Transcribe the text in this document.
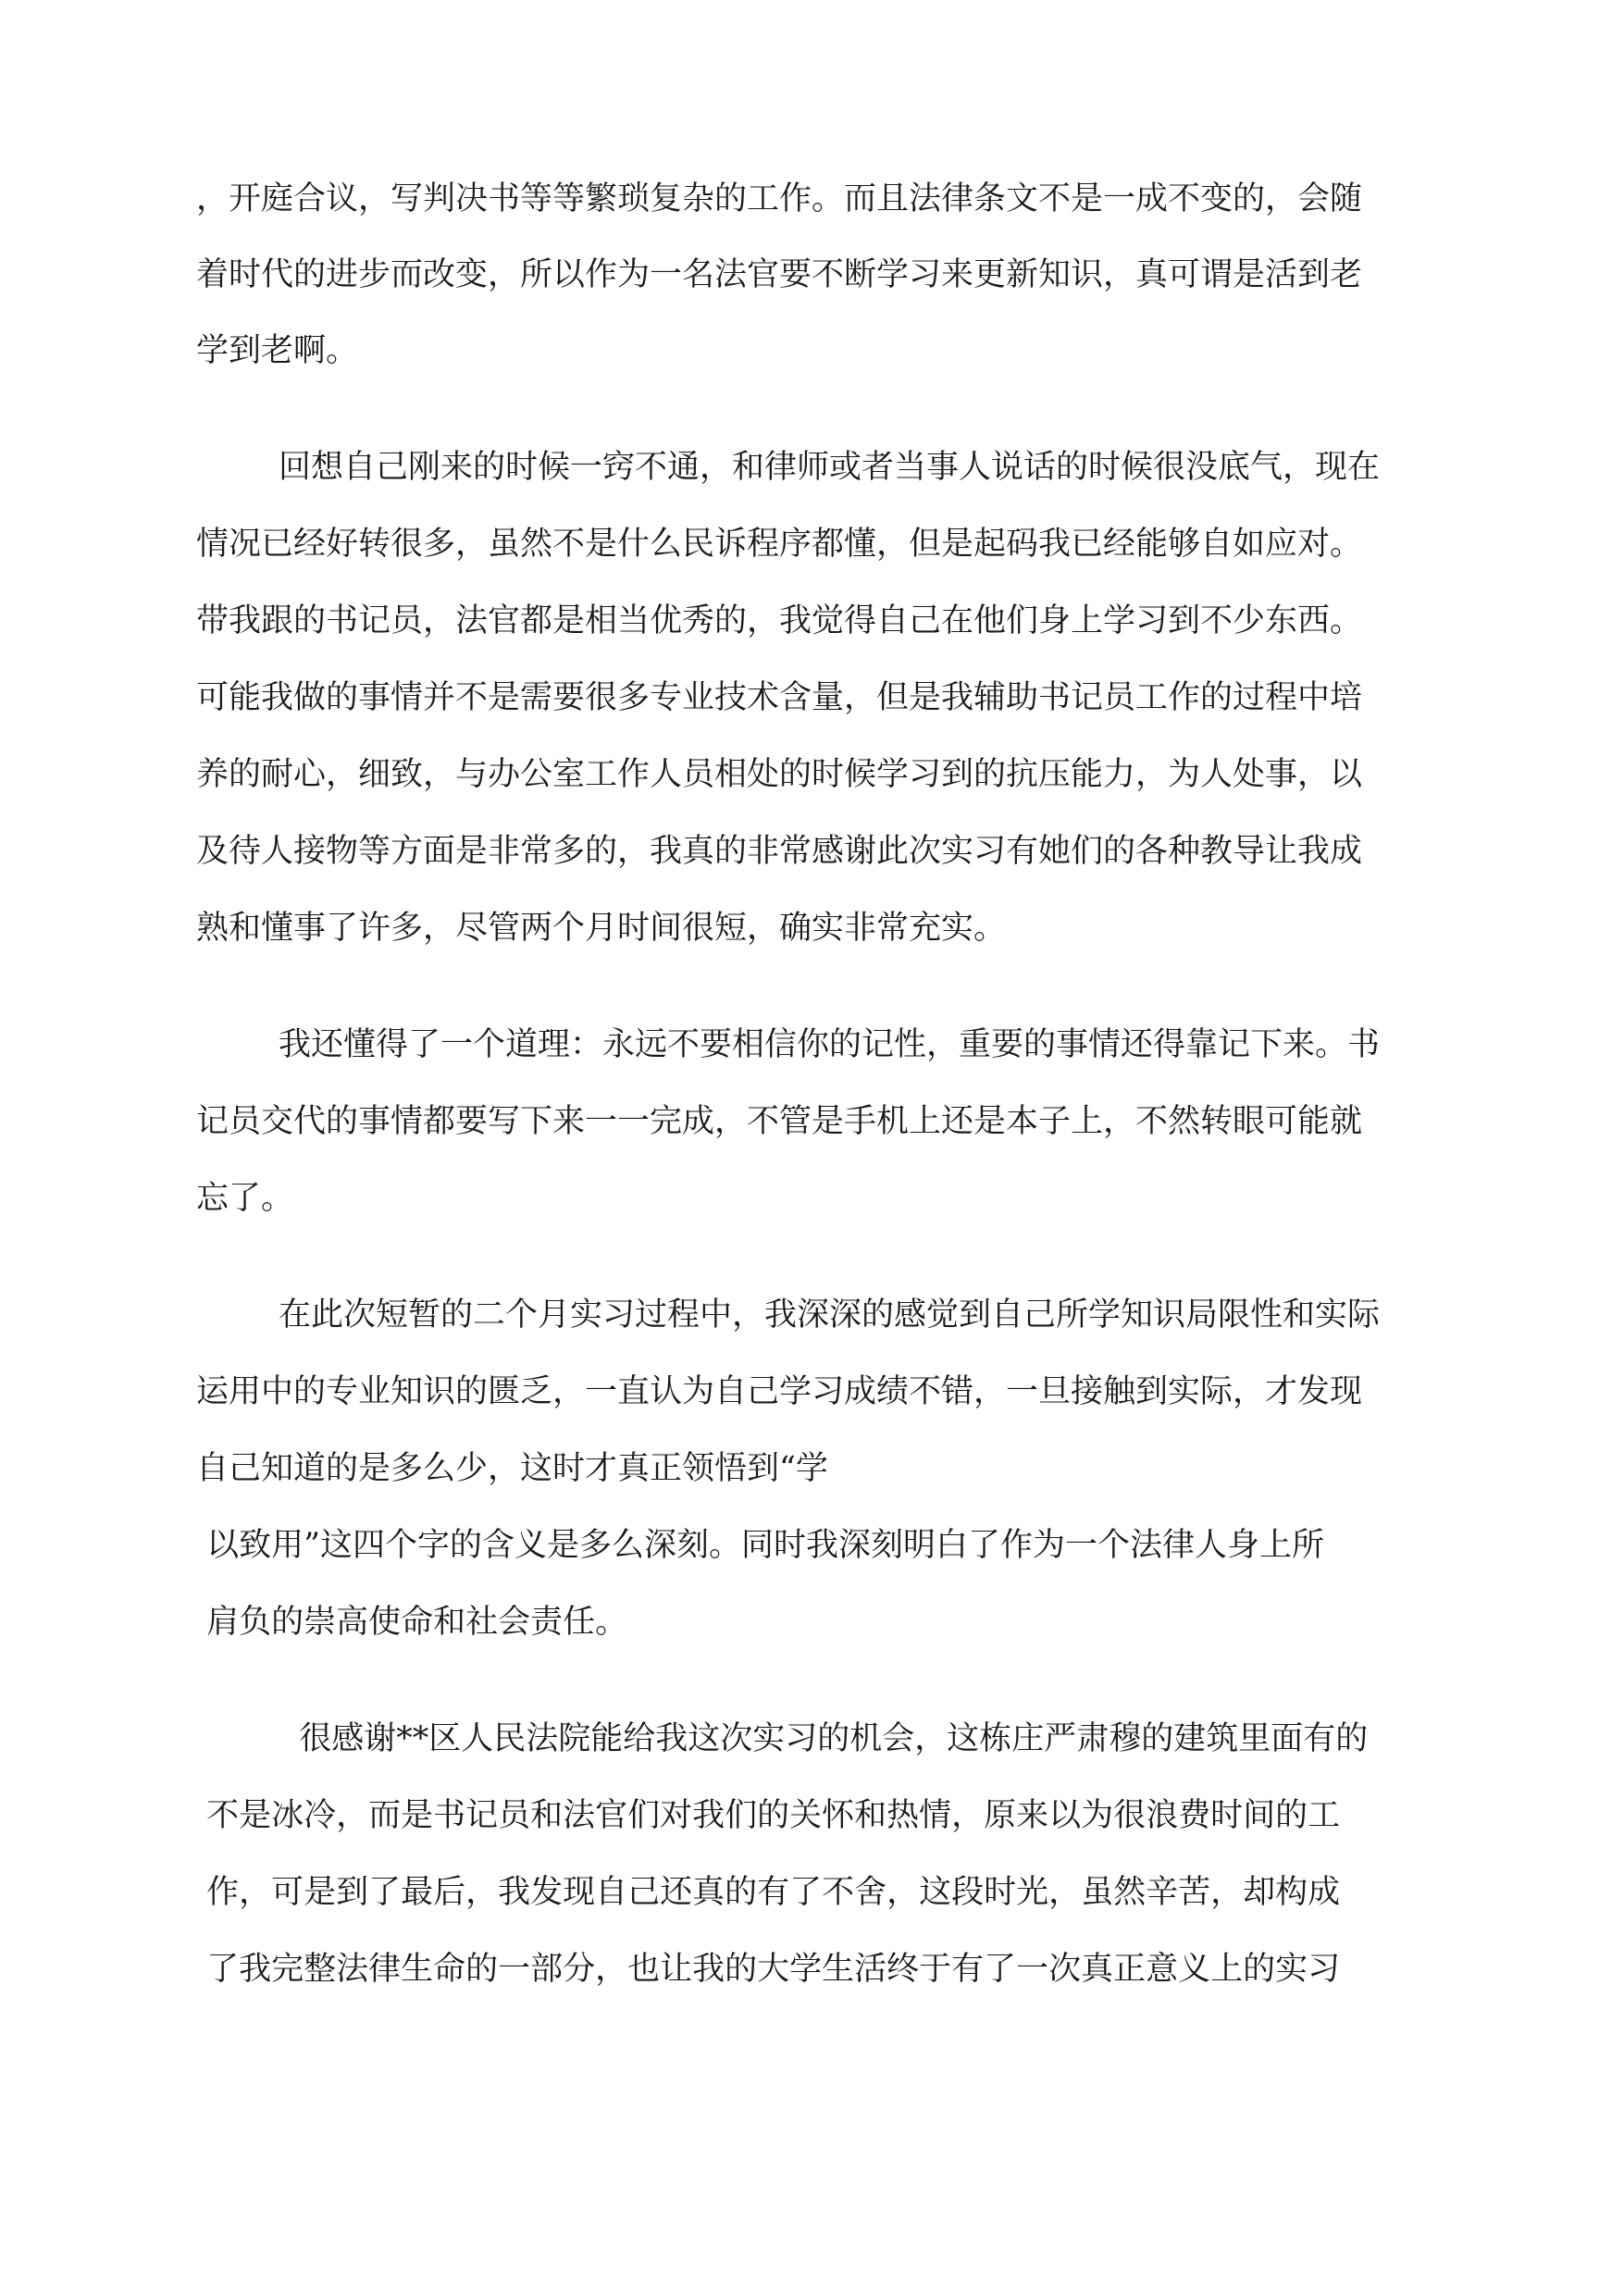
，开庭合议，写判决书等等繁琐复杂的工作。而且法律条文不是一成不变的，会随
着时代的进步而改变，所以作为一名法官要不断学习来更新知识，真可谓是活到老
学到老啊。
回想自己刚来的时候一窍不通，和律师或者当事人说话的时候很没底气，现在
情况已经好转很多，虽然不是什么民诉程序都懂，但是起码我已经能够自如应对。
带我跟的书记员，法官都是相当优秀的，我觉得自己在他们身上学习到不少东西。
可能我做的事情并不是需要很多专业技术含量，但是我辅助书记员工作的过程中培
养的耐心，细致，与办公室工作人员相处的时候学习到的抗压能力，为人处事，以
及待人接物等方面是非常多的，我真的非常感谢此次实习有她们的各种教导让我成
熟和懂事了许多，尽管两个月时间很短，确实非常充实。
我还懂得了一个道理：永远不要相信你的记性，重要的事情还得靠记下来。书
记员交代的事情都要写下来一一完成，不管是手机上还是本子上，不然转眼可能就
忘了。
在此次短暂的二个月实习过程中，我深深的感觉到自己所学知识局限性和实际
运用中的专业知识的匮乏，一直认为自己学习成绩不错，一旦接触到实际，才发现
自己知道的是多么少，这时才真正领悟到“学
以致用”这四个字的含义是多么深刻。同时我深刻明白了作为一个法律人身上所
肩负的崇高使命和社会责任。
很感谢**区人民法院能给我这次实习的机会，这栋庄严肃穆的建筑里面有的
不是冰冷，而是书记员和法官们对我们的关怀和热情，原来以为很浪费时间的工
作，可是到了最后，我发现自己还真的有了不舍，这段时光，虽然辛苦，却构成
了我完整法律生命的一部分，也让我的大学生活终于有了一次真正意义上的实习
